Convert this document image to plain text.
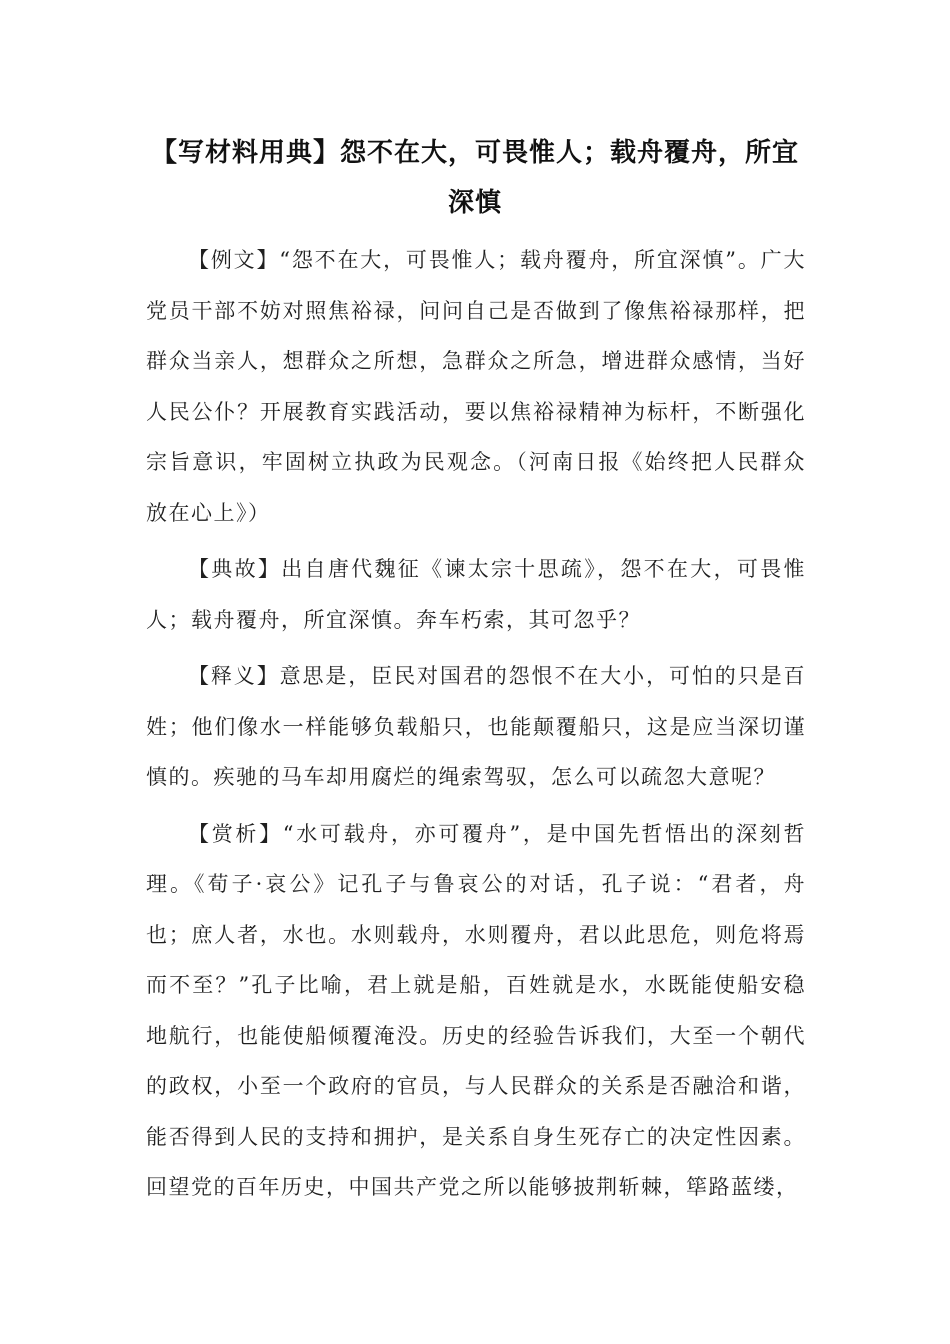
【写材料用典】怨不在大，可畏惟人；载舟覆舟，所宜深慎

【例文】“怨不在大，可畏惟人；载舟覆舟，所宜深慎”。广大党员干部不妨对照焦裕禄，问问自己是否做到了像焦裕禄那样，把群众当亲人，想群众之所想，急群众之所急，增进群众感情，当好人民公仆？开展教育实践活动，要以焦裕禄精神为标杆，不断强化宗旨意识，牢固树立执政为民观念。（河南日报《始终把人民群众放在心上》）

【典故】出自唐代魏征《谏太宗十思疏》，怨不在大，可畏惟人；载舟覆舟，所宜深慎。奔车朽索，其可忽乎？

【释义】意思是，臣民对国君的怨恨不在大小，可怕的只是百姓；他们像水一样能够负载船只，也能颠覆船只，这是应当深切谨慎的。疾驰的马车却用腐烂的绳索驾驭，怎么可以疏忽大意呢？

【赏析】“水可载舟，亦可覆舟”，是中国先哲悟出的深刻哲理。《荀子·哀公》记孔子与鲁哀公的对话，孔子说：“君者，舟也；庶人者，水也。水则载舟，水则覆舟，君以此思危，则危将焉而不至？”孔子比喻，君上就是船，百姓就是水，水既能使船安稳地航行，也能使船倾覆淹没。历史的经验告诉我们，大至一个朝代的政权，小至一个政府的官员，与人民群众的关系是否融洽和谐，能否得到人民的支持和拥护，是关系自身生死存亡的决定性因素。回望党的百年历史，中国共产党之所以能够披荆斩棘，筚路蓝缕，
